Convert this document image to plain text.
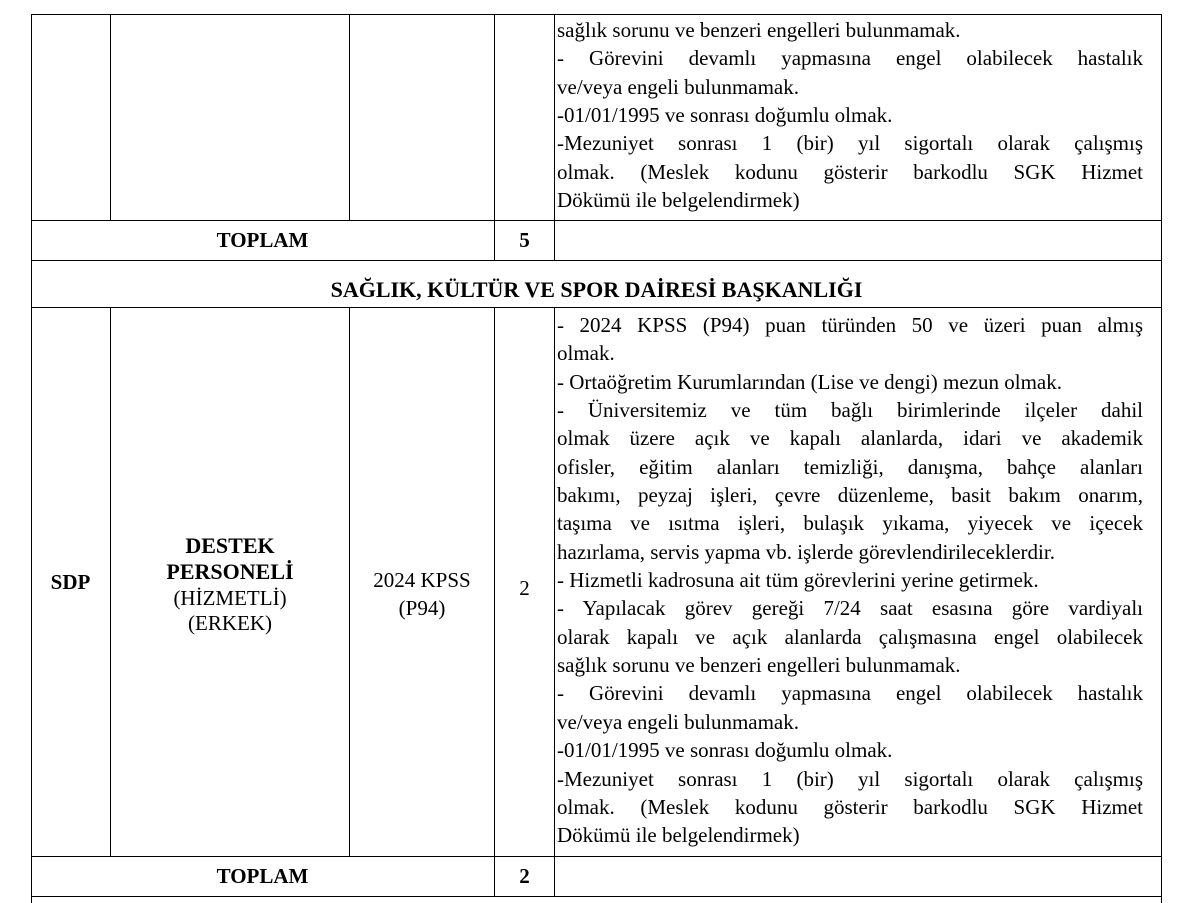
sağlık sorunu ve benzeri engelleri bulunmamak.
- Görevini devamlı yapmasına engel olabilecek hastalık
ve/veya engeli bulunmamak.
-01/01/1995 ve sonrası doğumlu olmak.
-Mezuniyet sonrası 1 (bir) yıl sigortalı olarak çalışmış
olmak. (Meslek kodunu gösterir barkodlu SGK Hizmet
Dökümü ile belgelendirmek)
TOPLAM	5
SAĞLIK, KÜLTÜR VE SPOR DAİRESİ BAŞKANLIĞI
SDP
DESTEK
PERSONELİ
(HİZMETLİ)
(ERKEK)
2024 KPSS
(P94)
2
- 2024 KPSS (P94) puan türünden 50 ve üzeri puan almış
olmak.
- Ortaöğretim Kurumlarından (Lise ve dengi) mezun olmak.
- Üniversitemiz ve tüm bağlı birimlerinde ilçeler dahil
olmak üzere açık ve kapalı alanlarda, idari ve akademik
ofisler, eğitim alanları temizliği, danışma, bahçe alanları
bakımı, peyzaj işleri, çevre düzenleme, basit bakım onarım,
taşıma ve ısıtma işleri, bulaşık yıkama, yiyecek ve içecek
hazırlama, servis yapma vb. işlerde görevlendirileceklerdir.
- Hizmetli kadrosuna ait tüm görevlerini yerine getirmek.
- Yapılacak görev gereği 7/24 saat esasına göre vardiyalı
olarak kapalı ve açık alanlarda çalışmasına engel olabilecek
sağlık sorunu ve benzeri engelleri bulunmamak.
- Görevini devamlı yapmasına engel olabilecek hastalık
ve/veya engeli bulunmamak.
-01/01/1995 ve sonrası doğumlu olmak.
-Mezuniyet sonrası 1 (bir) yıl sigortalı olarak çalışmış
olmak. (Meslek kodunu gösterir barkodlu SGK Hizmet
Dökümü ile belgelendirmek)
TOPLAM	2
